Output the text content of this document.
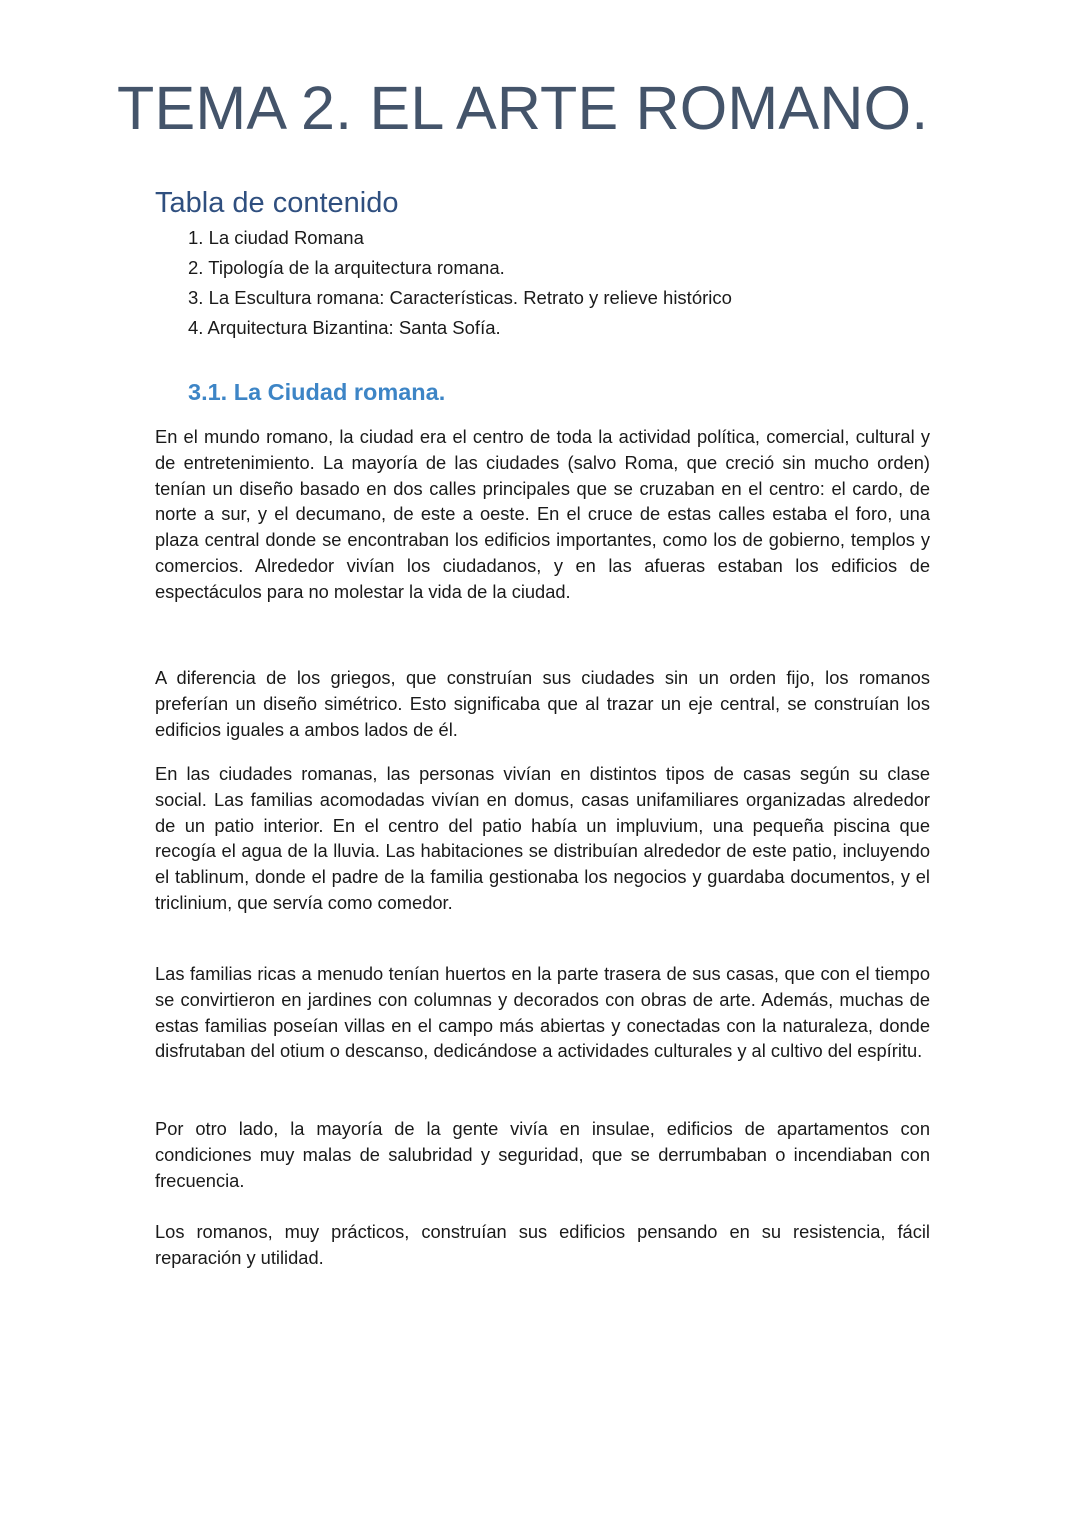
TEMA 2. EL ARTE ROMANO.
Tabla de contenido
1. La ciudad Romana
2. Tipología de la arquitectura romana.
3. La Escultura romana: Características. Retrato y relieve histórico
4. Arquitectura Bizantina: Santa Sofía.
3.1. La Ciudad romana.

En el mundo romano, la ciudad era el centro de toda la actividad política, comercial, cultural y de entretenimiento. La mayoría de las ciudades (salvo Roma, que creció sin mucho orden) tenían un diseño basado en dos calles principales que se cruzaban en el centro: el cardo, de norte a sur, y el decumano, de este a oeste. En el cruce de estas calles estaba el foro, una plaza central donde se encontraban los edificios importantes, como los de gobierno, templos y comercios. Alrededor vivían los ciudadanos, y en las afueras estaban los edificios de espectáculos para no molestar la vida de la ciudad.

A diferencia de los griegos, que construían sus ciudades sin un orden fijo, los romanos preferían un diseño simétrico. Esto significaba que al trazar un eje central, se construían los edificios iguales a ambos lados de él.

En las ciudades romanas, las personas vivían en distintos tipos de casas según su clase social. Las familias acomodadas vivían en domus, casas unifamiliares organizadas alrededor de un patio interior. En el centro del patio había un impluvium, una pequeña piscina que recogía el agua de la lluvia. Las habitaciones se distribuían alrededor de este patio, incluyendo el tablinum, donde el padre de la familia gestionaba los negocios y guardaba documentos, y el triclinium, que servía como comedor.

Las familias ricas a menudo tenían huertos en la parte trasera de sus casas, que con el tiempo se convirtieron en jardines con columnas y decorados con obras de arte. Además, muchas de estas familias poseían villas en el campo más abiertas y conectadas con la naturaleza, donde disfrutaban del otium o descanso, dedicándose a actividades culturales y al cultivo del espíritu.

Por otro lado, la mayoría de la gente vivía en insulae, edificios de apartamentos con condiciones muy malas de salubridad y seguridad, que se derrumbaban o incendiaban con frecuencia.

Los romanos, muy prácticos, construían sus edificios pensando en su resistencia, fácil reparación y utilidad.
